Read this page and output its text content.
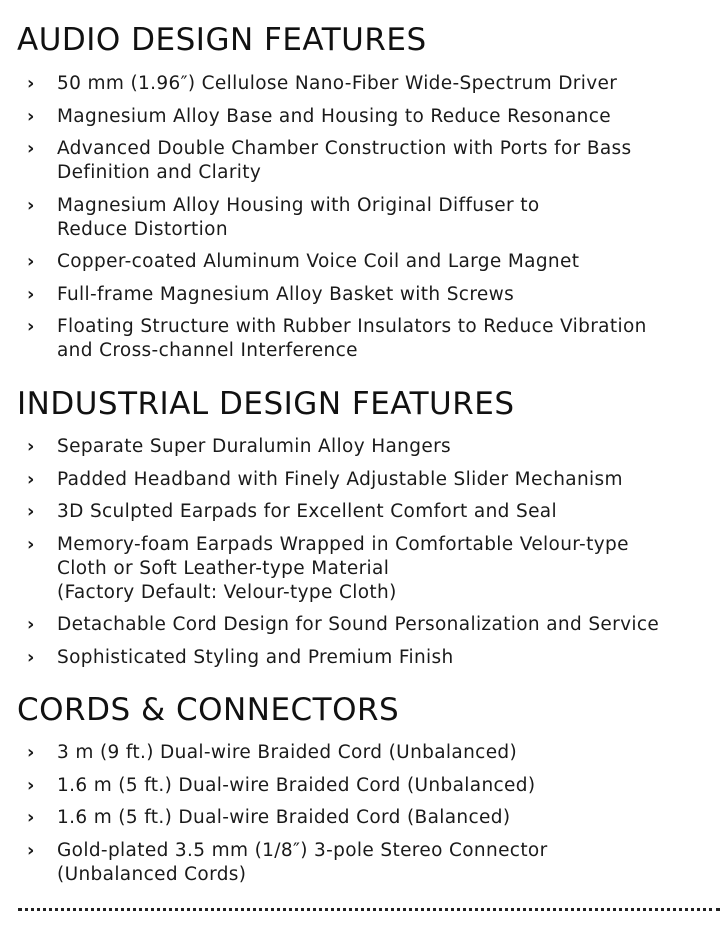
AUDIO DESIGN FEATURES
› 50 mm (1.96″) Cellulose Nano-Fiber Wide-Spectrum Driver
› Magnesium Alloy Base and Housing to Reduce Resonance
› Advanced Double Chamber Construction with Ports for Bass
Definition and Clarity
› Magnesium Alloy Housing with Original Diffuser to
Reduce Distortion
› Copper-coated Aluminum Voice Coil and Large Magnet
› Full-frame Magnesium Alloy Basket with Screws
› Floating Structure with Rubber Insulators to Reduce Vibration
and Cross-channel Interference
INDUSTRIAL DESIGN FEATURES
› Separate Super Duralumin Alloy Hangers
› Padded Headband with Finely Adjustable Slider Mechanism
› 3D Sculpted Earpads for Excellent Comfort and Seal
› Memory-foam Earpads Wrapped in Comfortable Velour-type
Cloth or Soft Leather-type Material
(Factory Default: Velour-type Cloth)
› Detachable Cord Design for Sound Personalization and Service
› Sophisticated Styling and Premium Finish
CORDS & CONNECTORS
› 3 m (9 ft.) Dual-wire Braided Cord (Unbalanced)
› 1.6 m (5 ft.) Dual-wire Braided Cord (Unbalanced)
› 1.6 m (5 ft.) Dual-wire Braided Cord (Balanced)
› Gold-plated 3.5 mm (1/8″) 3-pole Stereo Connector
(Unbalanced Cords)
